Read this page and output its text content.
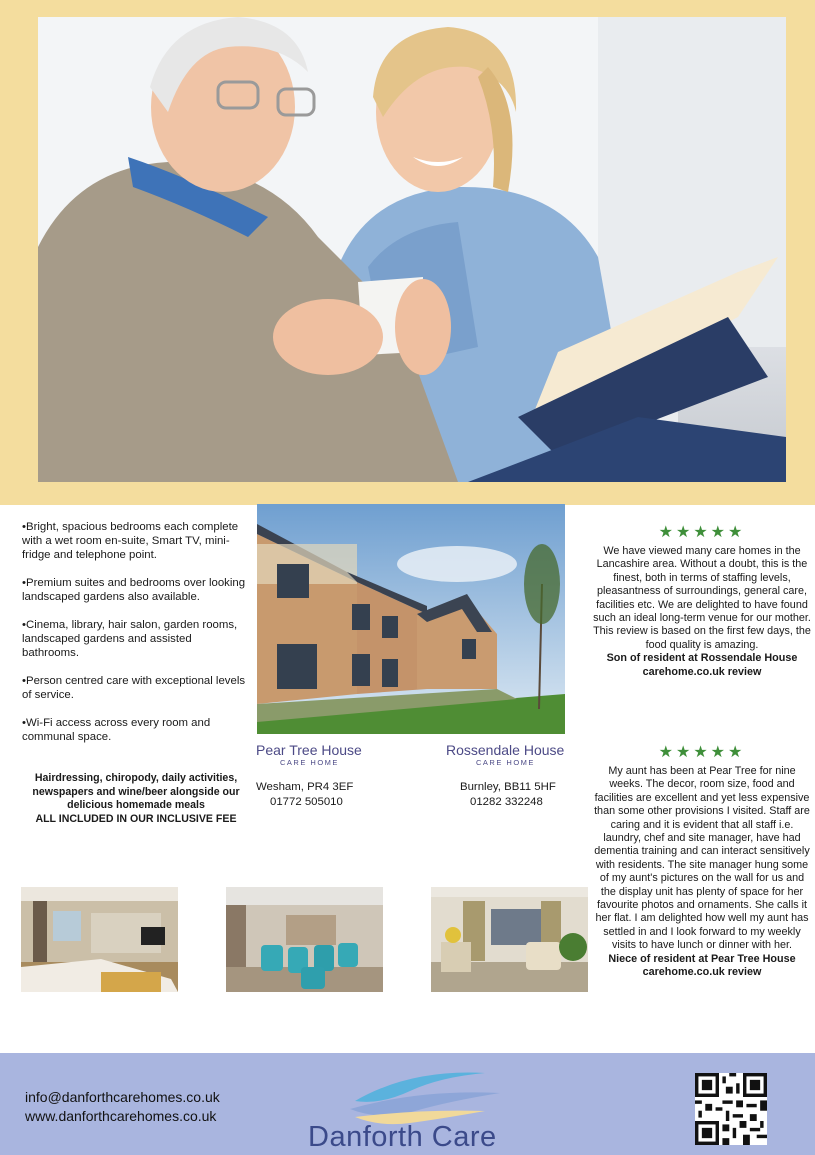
•Bright, spacious bedrooms each complete with a wet room en-suite, Smart TV, mini-fridge and telephone point.

•Premium suites and bedrooms over looking landscaped gardens also available.

•Cinema, library, hair salon, garden rooms, landscaped gardens and assisted bathrooms.

•Person centred care with exceptional levels of service.

•Wi-Fi access across every room and communal space.

Hairdressing, chiropody, daily activities, newspapers and wine/beer alongside our delicious homemade meals
ALL INCLUDED IN OUR INCLUSIVE FEE
Pear Tree House
CARE HOME
Wesham, PR4 3EF
01772 505010
Rossendale House
CARE HOME
Burnley, BB11 5HF
01282 332248
★★★★★
We have viewed many care homes in the Lancashire area. Without a doubt, this is the finest, both in terms of staffing levels, pleasantness of surroundings, general care, facilities etc. We are delighted to have found such an ideal long-term venue for our mother. This review is based on the first few days, the food quality is amazing.
Son of resident at Rossendale House carehome.co.uk review
★★★★★
My aunt has been at Pear Tree for nine weeks. The decor, room size, food and facilities are excellent and yet less expensive than some other provisions I visited. Staff are caring and it is evident that all staff i.e. laundry, chef and site manager, have had dementia training and can interact sensitively with residents. The site manager hung some of my aunt's pictures on the wall for us and the display unit has plenty of space for her favourite photos and ornaments. She calls it her flat. I am delighted how well my aunt has settled in and I look forward to my weekly visits to have lunch or dinner with her.
Niece of resident at Pear Tree House carehome.co.uk review
info@danforthcarehomes.co.uk
www.danforthcarehomes.co.uk
Danforth Care
